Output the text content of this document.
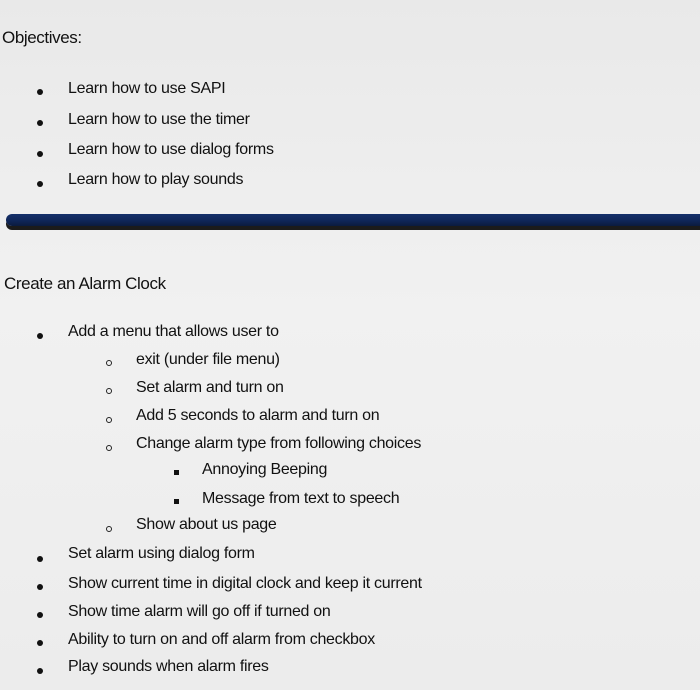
Objectives:
Learn how to use SAPI
Learn how to use the timer
Learn how to use dialog forms
Learn how to play sounds
Create an Alarm Clock
Add a menu that allows user to
exit (under file menu)
Set alarm and turn on
Add 5 seconds to alarm and turn on
Change alarm type from following choices
Annoying Beeping
Message from text to speech
Show about us page
Set alarm using dialog form
Show current time in digital clock and keep it current
Show time alarm will go off if turned on
Ability to turn on and off alarm from checkbox
Play sounds when alarm fires
